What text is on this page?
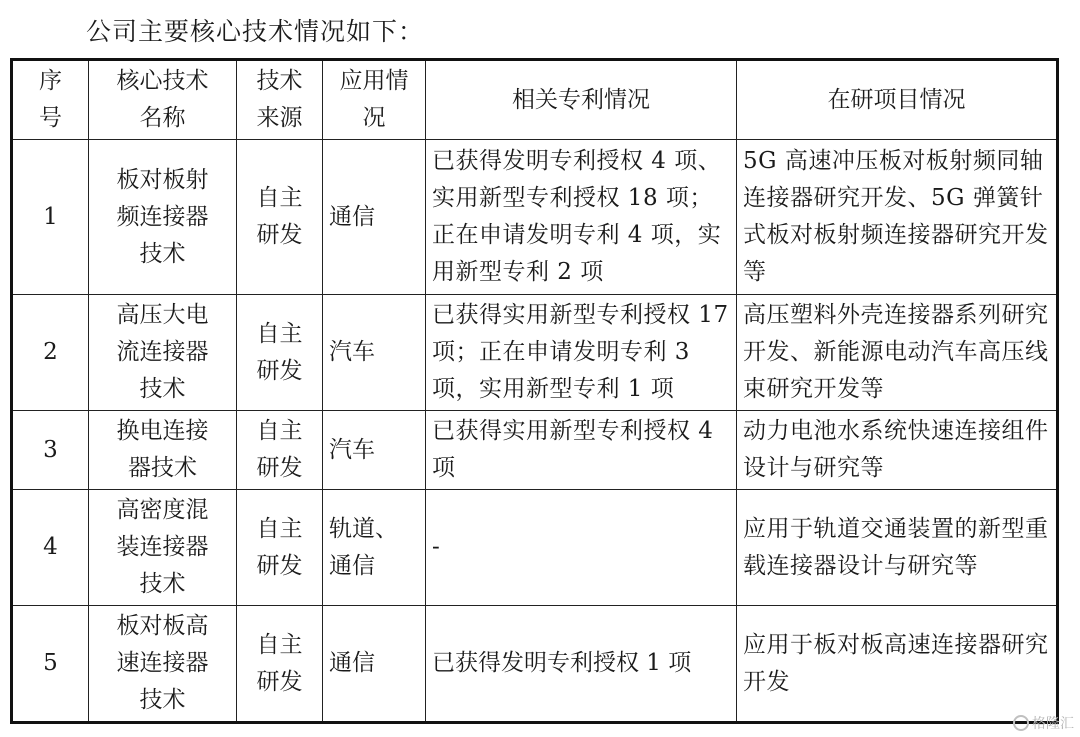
公司主要核心技术情况如下：
序号	核心技术名称	技术来源	应用情况	相关专利情况	在研项目情况
1	板对板射频连接器技术	自主研发	通信	已获得发明专利授权 4 项、实用新型专利授权 18 项；正在申请发明专利 4 项，实用新型专利 2 项	5G 高速冲压板对板射频同轴连接器研究开发、5G 弹簧针式板对板射频连接器研究开发等
2	高压大电流连接器技术	自主研发	汽车	已获得实用新型专利授权 17 项；正在申请发明专利 3 项，实用新型专利 1 项	高压塑料外壳连接器系列研究开发、新能源电动汽车高压线束研究开发等
3	换电连接器技术	自主研发	汽车	已获得实用新型专利授权 4 项	动力电池水系统快速连接组件设计与研究等
4	高密度混装连接器技术	自主研发	轨道、通信	-	应用于轨道交通装置的新型重载连接器设计与研究等
5	板对板高速连接器技术	自主研发	通信	已获得发明专利授权 1 项	应用于板对板高速连接器研究开发
格隆汇
